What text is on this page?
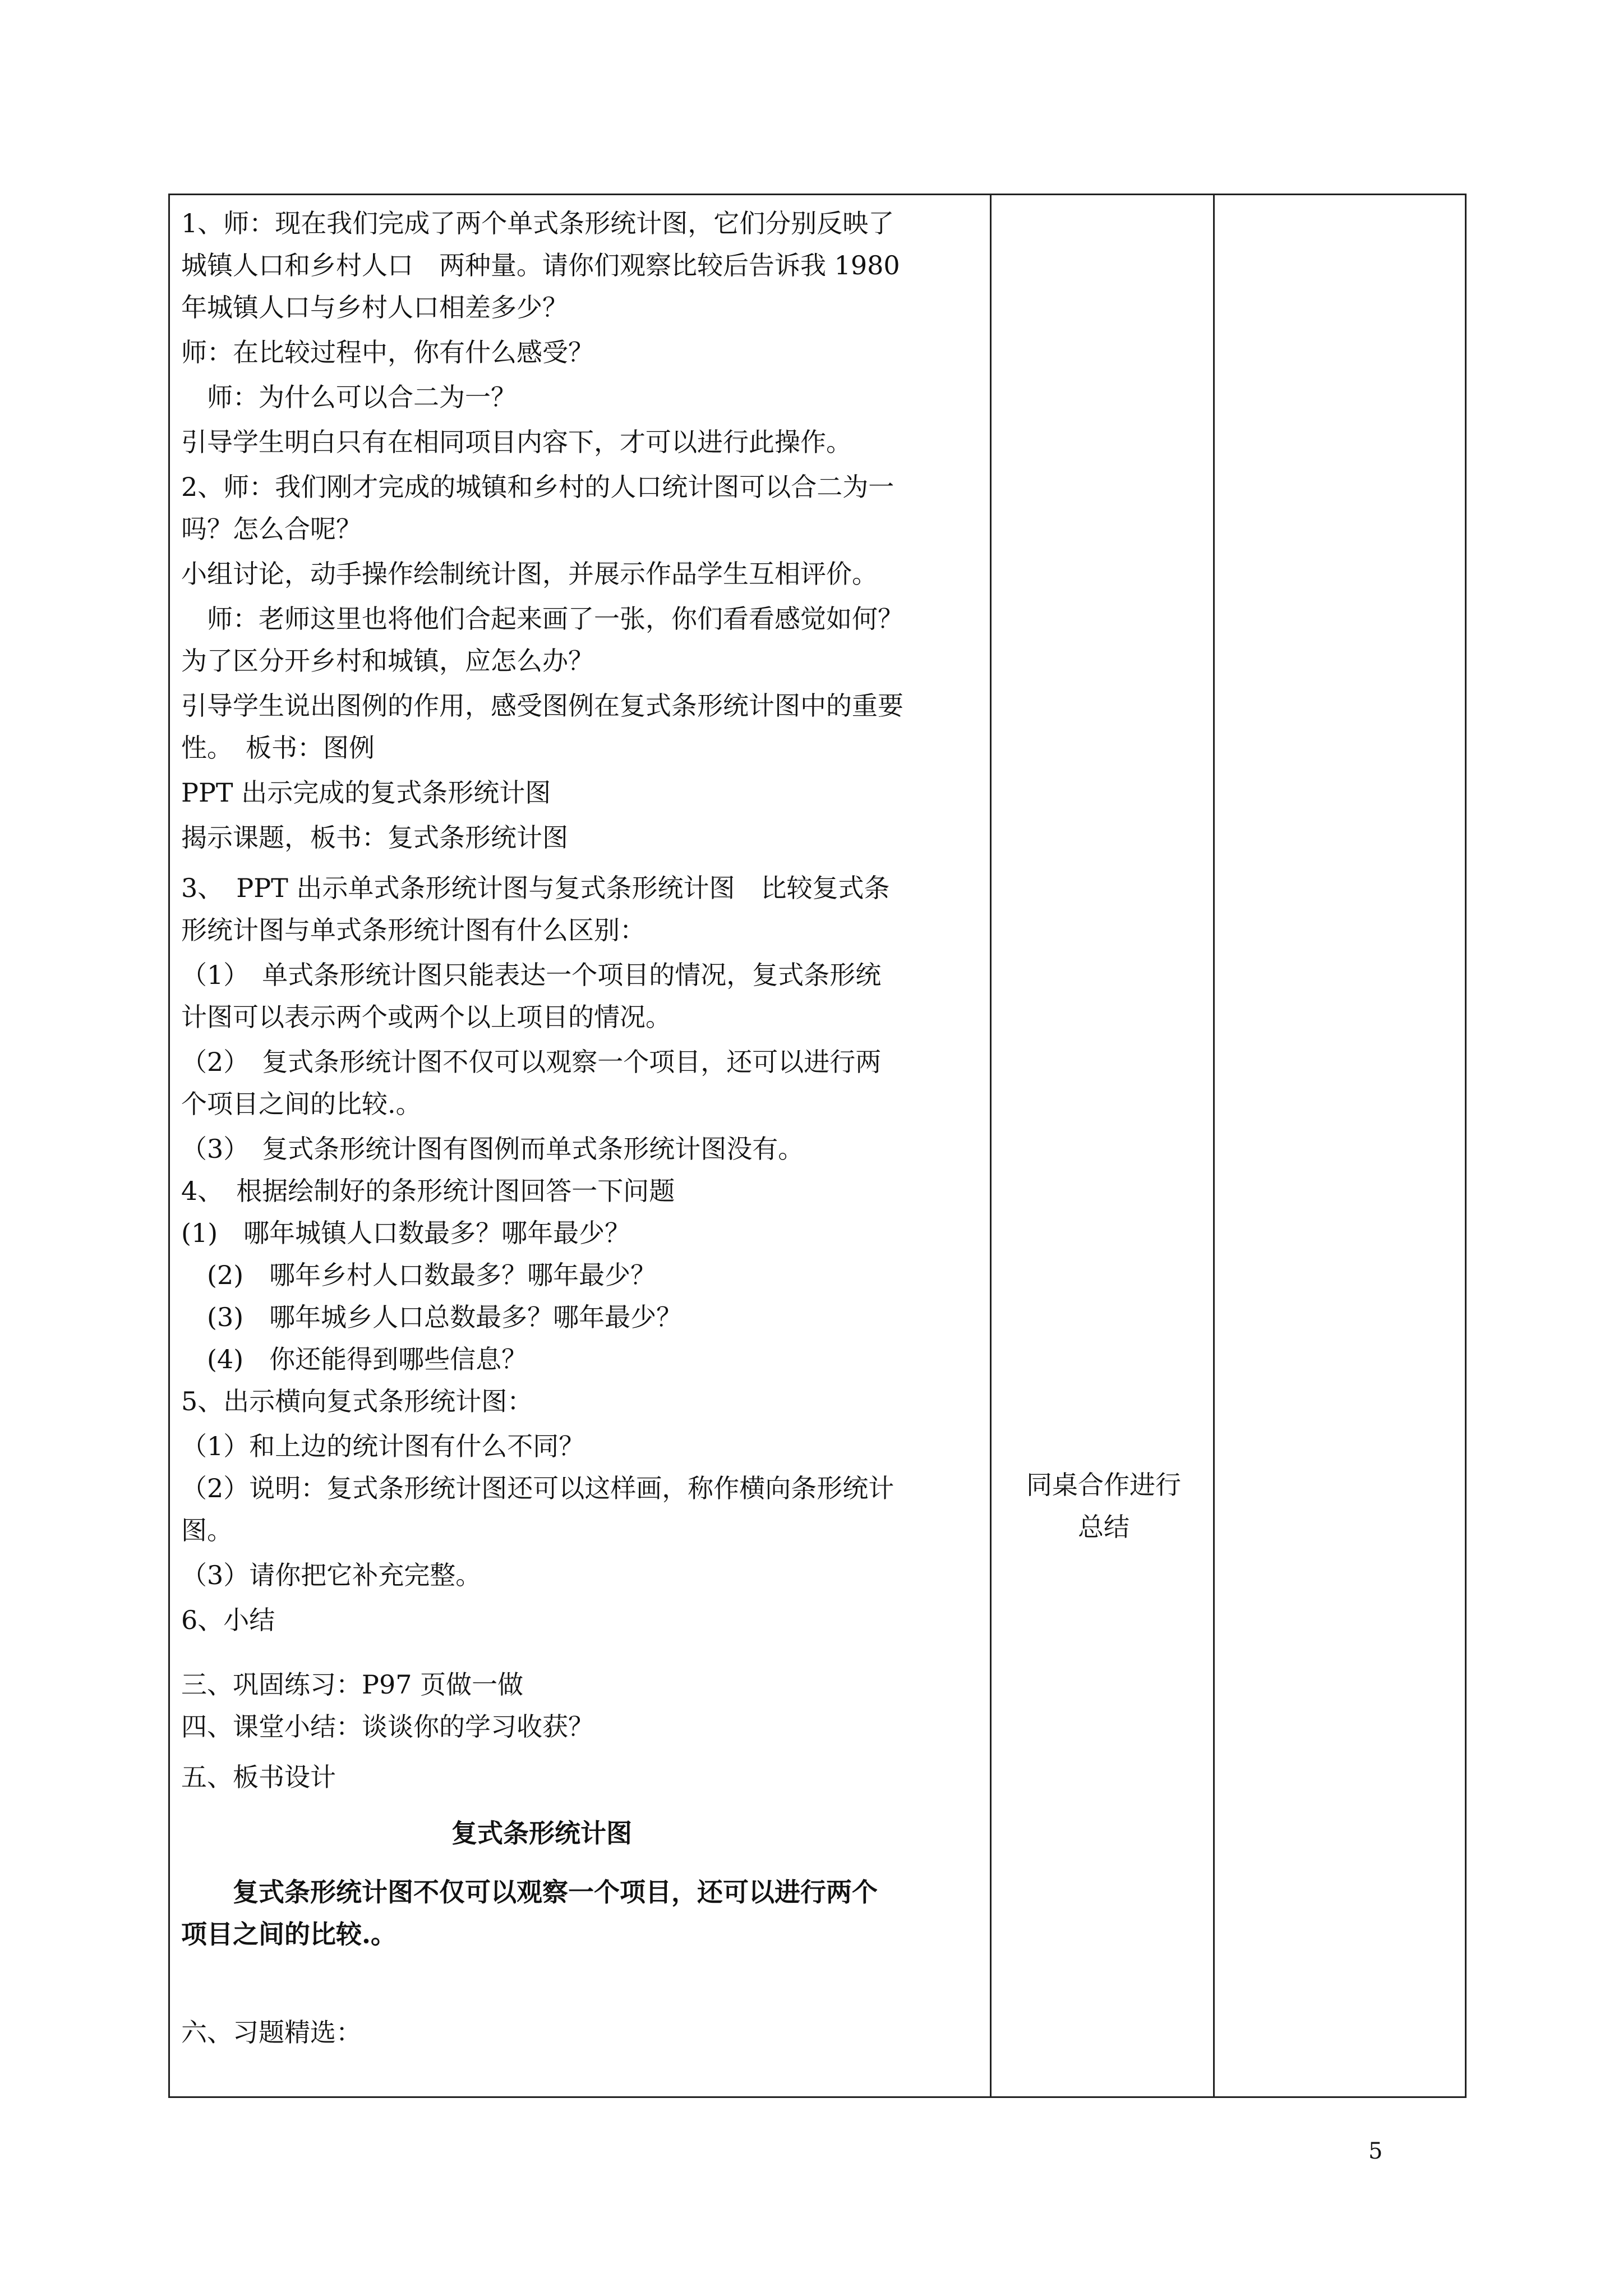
1、师：现在我们完成了两个单式条形统计图，它们分别反映了
城镇人口和乡村人口　两种量。请你们观察比较后告诉我 1980
年城镇人口与乡村人口相差多少？
师：在比较过程中，你有什么感受？
　师：为什么可以合二为一？
引导学生明白只有在相同项目内容下，才可以进行此操作。
2、师：我们刚才完成的城镇和乡村的人口统计图可以合二为一
吗？怎么合呢？
小组讨论，动手操作绘制统计图，并展示作品学生互相评价。
　师：老师这里也将他们合起来画了一张，你们看看感觉如何？
为了区分开乡村和城镇，应怎么办？
引导学生说出图例的作用，感受图例在复式条形统计图中的重要
性。　板书：图例
PPT 出示完成的复式条形统计图
揭示课题，板书：复式条形统计图
3、　PPT 出示单式条形统计图与复式条形统计图　比较复式条
形统计图与单式条形统计图有什么区别：
（1）　单式条形统计图只能表达一个项目的情况，复式条形统
计图可以表示两个或两个以上项目的情况。
（2）　复式条形统计图不仅可以观察一个项目，还可以进行两
个项目之间的比较.。
（3）　复式条形统计图有图例而单式条形统计图没有。
4、　根据绘制好的条形统计图回答一下问题
(1)　哪年城镇人口数最多？哪年最少？
　(2)　哪年乡村人口数最多？哪年最少？
　(3)　哪年城乡人口总数最多？哪年最少？
　(4)　你还能得到哪些信息？
5、出示横向复式条形统计图：
（1）和上边的统计图有什么不同？
（2）说明：复式条形统计图还可以这样画，称作横向条形统计
图。
（3）请你把它补充完整。
6、小结
三、巩固练习：P97 页做一做
四、课堂小结：谈谈你的学习收获？
五、板书设计
复式条形统计图
　　复式条形统计图不仅可以观察一个项目，还可以进行两个
项目之间的比较.。
六、习题精选：
同桌合作进行
总结
5
